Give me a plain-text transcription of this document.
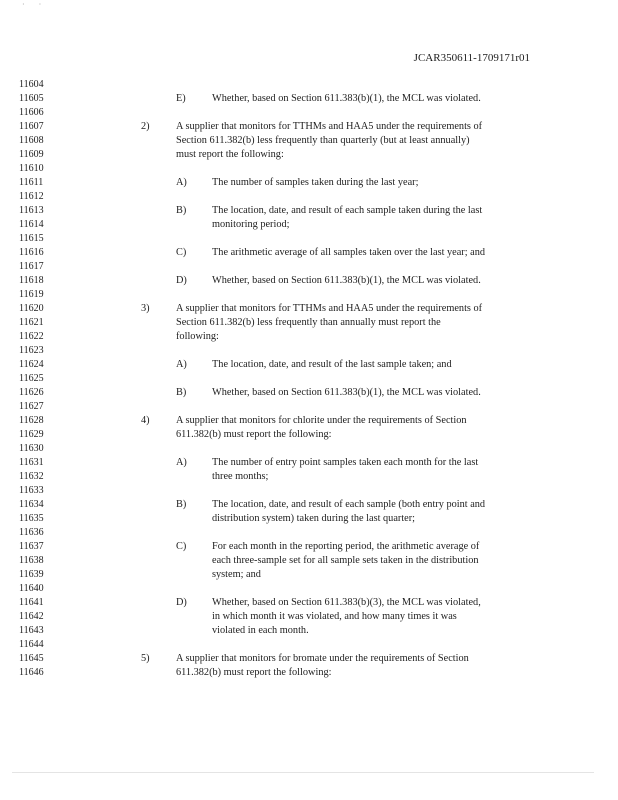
·       ·
JCAR350611-1709171r01
11604
11605
11606
11607
11608
11609
11610
11611
11612
11613
11614
11615
11616
11617
11618
11619
11620
11621
11622
11623
11624
11625
11626
11627
11628
11629
11630
11631
11632
11633
11634
11635
11636
11637
11638
11639
11640
11641
11642
11643
11644
11645
11646
E)	Whether, based on Section 611.383(b)(1), the MCL was violated.
2)	A supplier that monitors for TTHMs and HAA5 under the requirements of
Section 611.382(b) less frequently than quarterly (but at least annually)
must report the following:
A) The number of samples taken during the last year;
B) The location, date, and result of each sample taken during the last
monitoring period;
C) The arithmetic average of all samples taken over the last year; and
D) Whether, based on Section 611.383(b)(1), the MCL was violated.
3)	A supplier that monitors for TTHMs and HAA5 under the requirements of
Section 611.382(b) less frequently than annually must report the
following:
A) The location, date, and result of the last sample taken; and
B) Whether, based on Section 611.383(b)(1), the MCL was violated.
4)	A supplier that monitors for chlorite under the requirements of Section
611.382(b) must report the following:
A) The number of entry point samples taken each month for the last
three months;
B) The location, date, and result of each sample (both entry point and
distribution system) taken during the last quarter;
C) For each month in the reporting period, the arithmetic average of
each three-sample set for all sample sets taken in the distribution
system; and
D) Whether, based on Section 611.383(b)(3), the MCL was violated,
in which month it was violated, and how many times it was
violated in each month.
5)	A supplier that monitors for bromate under the requirements of Section
611.382(b) must report the following:
